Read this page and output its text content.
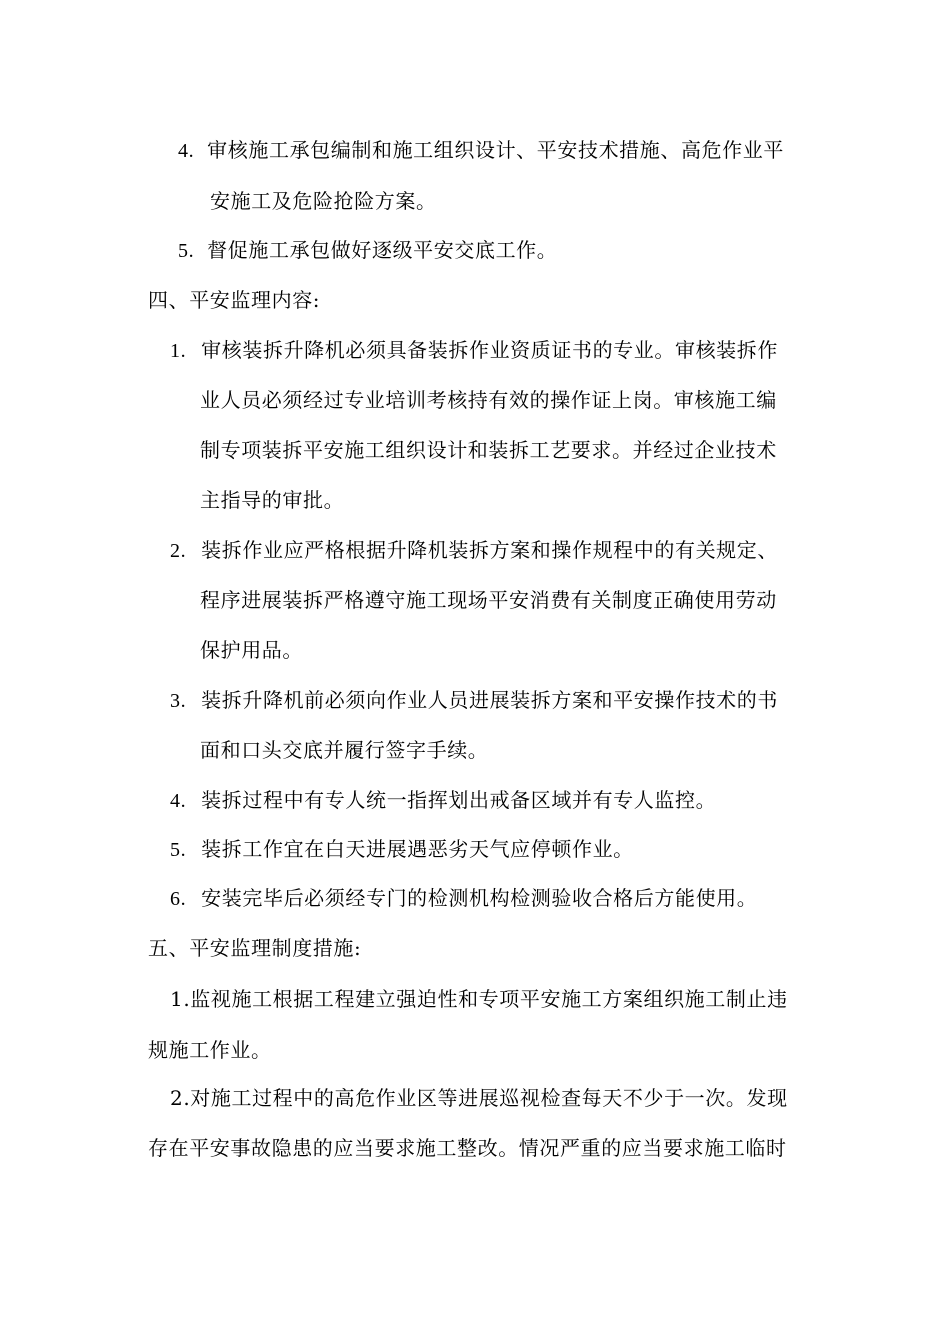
4. 审核施工承包编制和施工组织设计、平安技术措施、高危作业平
安施工及危险抢险方案。
5. 督促施工承包做好逐级平安交底工作。
四、平安监理内容:
1. 审核装拆升降机必须具备装拆作业资质证书的专业。审核装拆作
业人员必须经过专业培训考核持有效的操作证上岗。审核施工编
制专项装拆平安施工组织设计和装拆工艺要求。并经过企业技术
主指导的审批。
2. 装拆作业应严格根据升降机装拆方案和操作规程中的有关规定、
程序进展装拆严格遵守施工现场平安消费有关制度正确使用劳动
保护用品。
3. 装拆升降机前必须向作业人员进展装拆方案和平安操作技术的书
面和口头交底并履行签字手续。
4. 装拆过程中有专人统一指挥划出戒备区域并有专人监控。
5. 装拆工作宜在白天进展遇恶劣天气应停顿作业。
6. 安装完毕后必须经专门的检测机构检测验收合格后方能使用。
五、平安监理制度措施:
1.监视施工根据工程建立强迫性和专项平安施工方案组织施工制止违
规施工作业。
2.对施工过程中的高危作业区等进展巡视检查每天不少于一次。发现
存在平安事故隐患的应当要求施工整改。情况严重的应当要求施工临时
